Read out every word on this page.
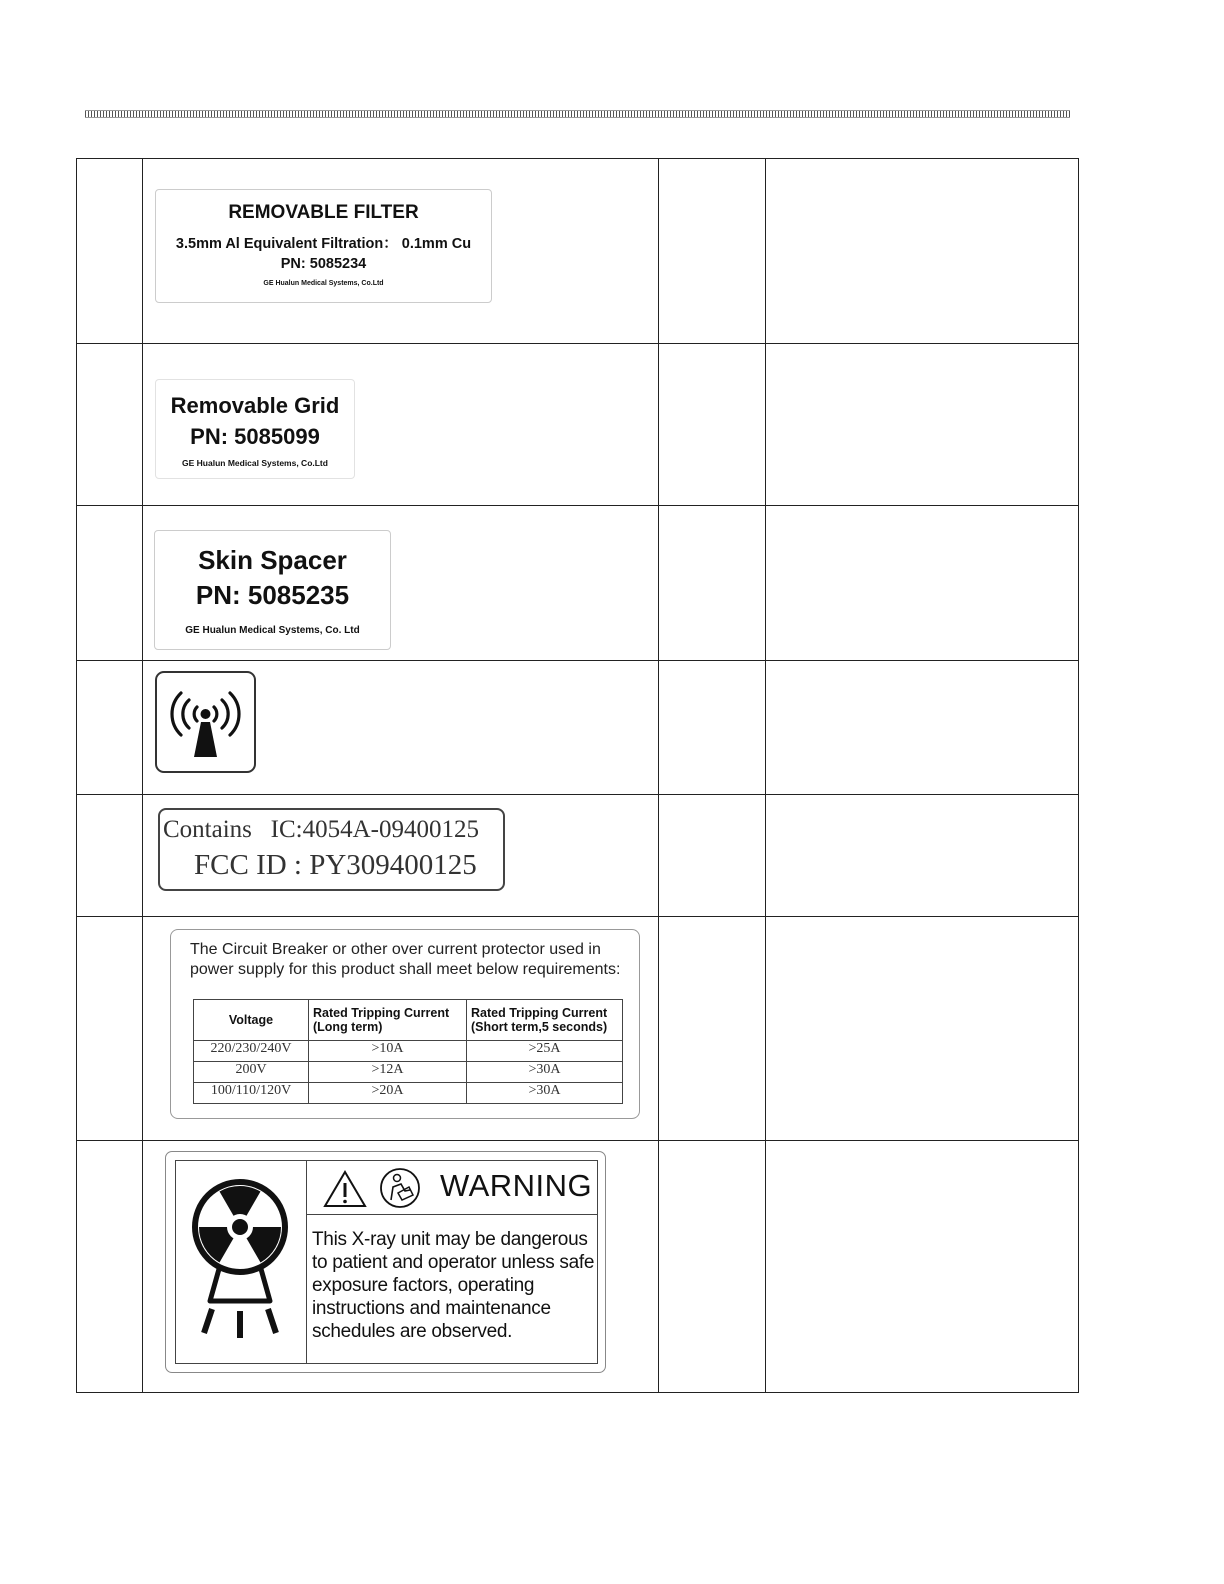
REMOVABLE FILTER
3.5mm Al Equivalent Filtration： 0.1mm Cu
PN: 5085234
GE Hualun Medical Systems, Co.Ltd

Removable Grid
PN: 5085099
GE Hualun Medical Systems, Co.Ltd

Skin Spacer
PN: 5085235
GE Hualun Medical Systems, Co. Ltd

Contains   IC:4054A-09400125
FCC ID : PY309400125

The Circuit Breaker or other over current protector used in power supply for this product shall meet below requirements:
Voltage	Rated Tripping Current (Long term)	Rated Tripping Current (Short term,5 seconds)
220/230/240V	>10A	>25A
200V	>12A	>30A
100/110/120V	>20A	>30A

WARNING
This X-ray unit may be dangerous to patient and operator unless safe exposure factors, operating instructions and maintenance schedules are observed.
